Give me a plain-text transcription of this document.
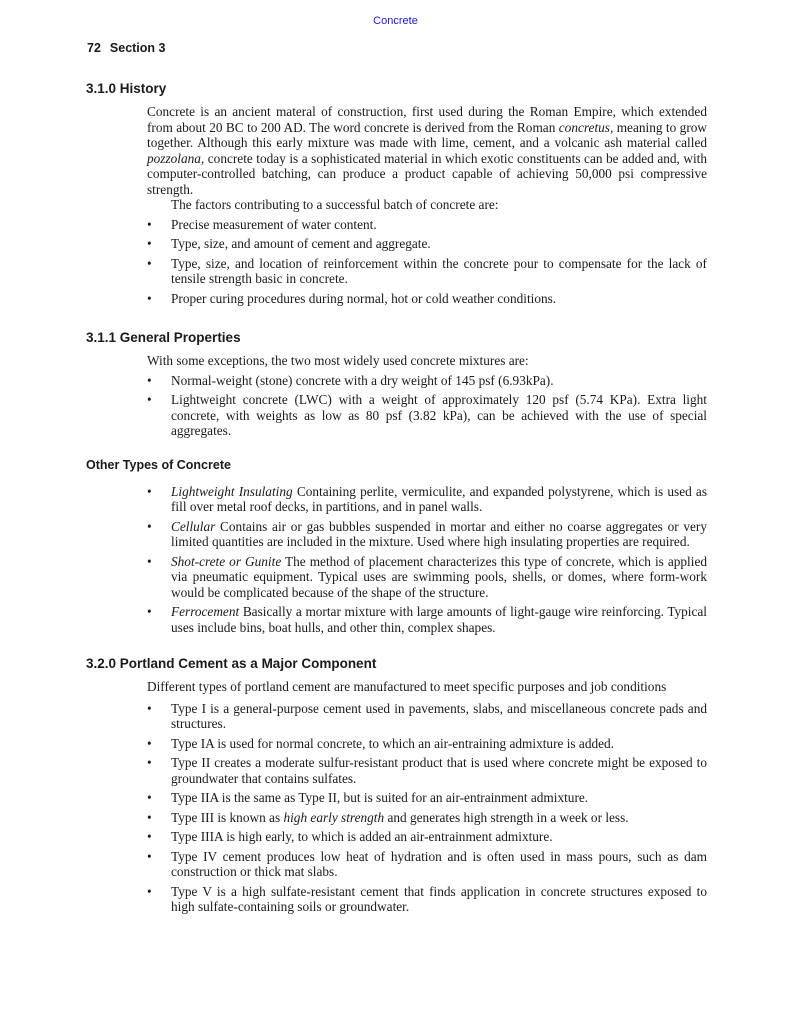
Concrete
72 Section 3
3.1.0 History

Concrete is an ancient materal of construction, first used during the Roman Empire, which extended from about 20 BC to 200 AD. The word concrete is derived from the Roman concretus, meaning to grow together. Although this early mixture was made with lime, cement, and a volcanic ash material called pozzolana, concrete today is a sophisticated material in which exotic constituents can be added and, with computer-controlled batching, can produce a product capable of achieving 50,000 psi compressive strength.

The factors contributing to a successful batch of concrete are:

•	Precise measurement of water content.
•	Type, size, and amount of cement and aggregate.
•	Type, size, and location of reinforcement within the concrete pour to compensate for the lack of tensile strength basic in concrete.
•	Proper curing procedures during normal, hot or cold weather conditions.
3.1.1 General Properties

With some exceptions, the two most widely used concrete mixtures are:

•	Normal-weight (stone) concrete with a dry weight of 145 psf (6.93kPa).
•	Lightweight concrete (LWC) with a weight of approximately 120 psf (5.74 KPa). Extra light concrete, with weights as low as 80 psf (3.82 kPa), can be achieved with the use of special aggregates.
Other Types of Concrete
•	Lightweight Insulating Containing perlite, vermiculite, and expanded polystyrene, which is used as fill over metal roof decks, in partitions, and in panel walls.
•	Cellular Contains air or gas bubbles suspended in mortar and either no coarse aggregates or very limited quantities are included in the mixture. Used where high insulating properties are required.
•	Shot-crete or Gunite The method of placement characterizes this type of concrete, which is applied via pneumatic equipment. Typical uses are swimming pools, shells, or domes, where form-work would be complicated because of the shape of the structure.
•	Ferrocement Basically a mortar mixture with large amounts of light-gauge wire reinforcing. Typical uses include bins, boat hulls, and other thin, complex shapes.
3.2.0 Portland Cement as a Major Component

Different types of portland cement are manufactured to meet specific purposes and job conditions

•	Type I is a general-purpose cement used in pavements, slabs, and miscellaneous concrete pads and structures.
•	Type IA is used for normal concrete, to which an air-entraining admixture is added.
•	Type II creates a moderate sulfur-resistant product that is used where concrete might be exposed to groundwater that contains sulfates.
•	Type IIA is the same as Type II, but is suited for an air-entrainment admixture.
•	Type III is known as high early strength and generates high strength in a week or less.
•	Type IIIA is high early, to which is added an air-entrainment admixture.
•	Type IV cement produces low heat of hydration and is often used in mass pours, such as dam construction or thick mat slabs.
•	Type V is a high sulfate-resistant cement that finds application in concrete structures exposed to high sulfate-containing soils or groundwater.
